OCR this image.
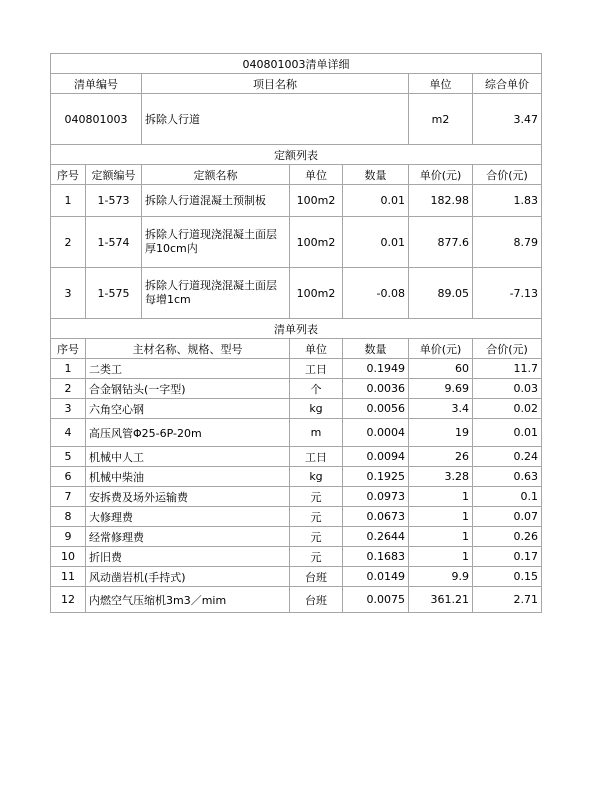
040801003清单详细						
清单编号		项目名称			单位	综合单价
040801003		拆除人行道			m2	3.47
定额列表						
序号	定额编号	定额名称	单位	数量	单价(元)	合价(元)
1	1-573	拆除人行道混凝土预制板	100m2	0.01	182.98	1.83
2	1-574	拆除人行道现浇混凝土面层厚10cm内	100m2	0.01	877.6	8.79
3	1-575	拆除人行道现浇混凝土面层每增1cm	100m2	-0.08	89.05	-7.13
清单列表						
序号	主材名称、规格、型号		单位	数量	单价(元)	合价(元)
1	二类工		工日	0.1949	60	11.7
2	合金钢钻头(一字型)		个	0.0036	9.69	0.03
3	六角空心钢		kg	0.0056	3.4	0.02
4	高压风管Φ25-6P-20m		m	0.0004	19	0.01
5	机械中人工		工日	0.0094	26	0.24
6	机械中柴油		kg	0.1925	3.28	0.63
7	安拆费及场外运输费		元	0.0973	1	0.1
8	大修理费		元	0.0673	1	0.07
9	经常修理费		元	0.2644	1	0.26
10	折旧费		元	0.1683	1	0.17
11	风动凿岩机(手持式)		台班	0.0149	9.9	0.15
12	内燃空气压缩机3m3／mim		台班	0.0075	361.21	2.71
